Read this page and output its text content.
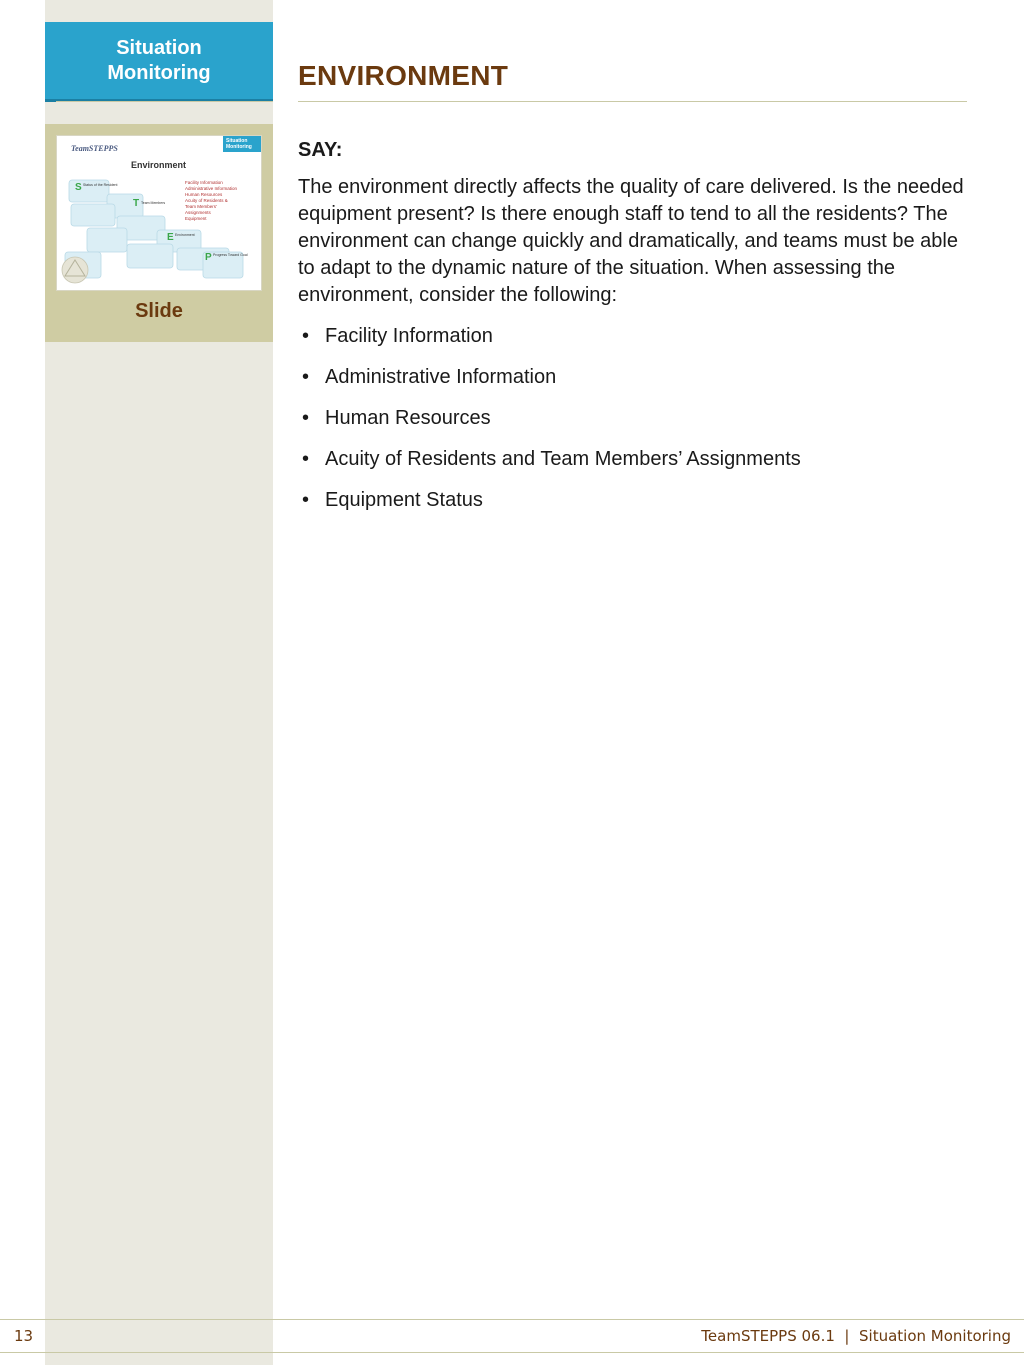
Situation
Monitoring	ENVIRONMENT
TeamSTEPPS
Situation
Monitoring
Environment
S
T
E
P
Status of the Resident
Team Members
Environment
Progress Toward Goal
Facility Information
Administrative Information
Human Resources
Acuity of Residents &
Team Members'
Assignments
Equipment
Slide

SAY:

The environment directly affects the quality of care delivered. Is the needed equipment present? Is there enough staff to tend to all the residents? The environment can change quickly and dramatically, and teams must be able to adapt to the dynamic nature of the situation. When assessing the environment, consider the following:

• Facility Information
• Administrative Information
• Human Resources
• Acuity of Residents and Team Members’ Assignments
• Equipment Status
13	TeamSTEPPS 06.1  |  Situation Monitoring
